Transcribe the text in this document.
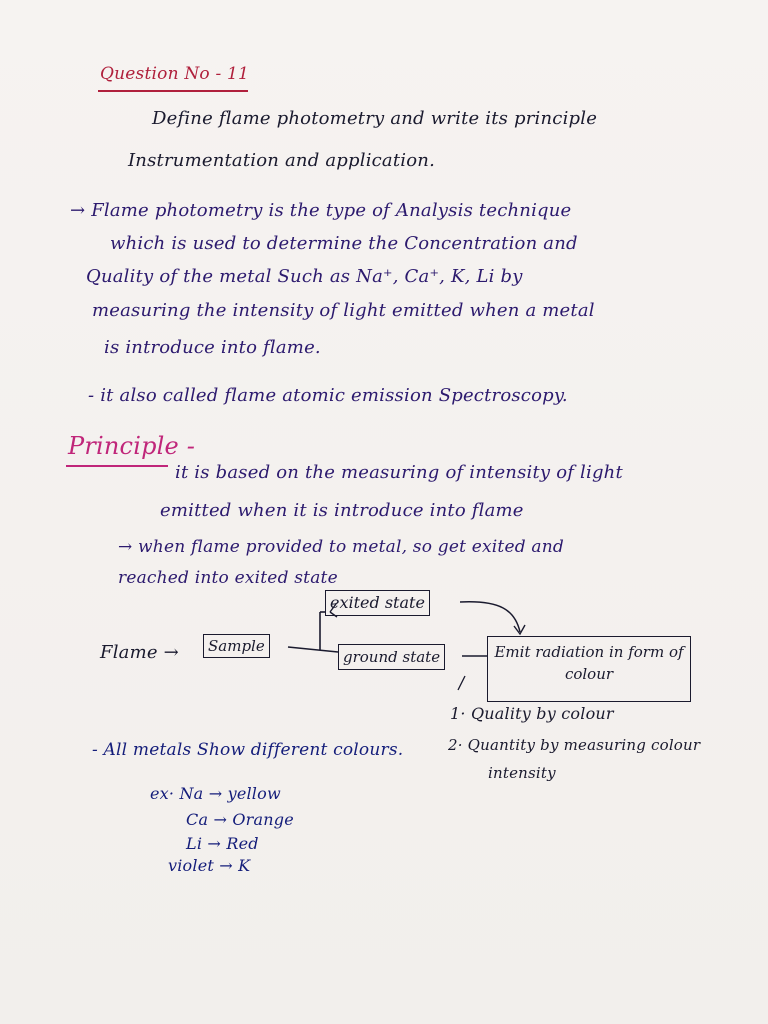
Question No - 11
Define flame photometry and write its principle
Instrumentation and application.
→ Flame photometry is the type of Analysis technique
which is used to determine the Concentration and
Quality of the metal Such as Na⁺, Ca⁺, K, Li by
measuring the intensity of light emitted when a metal
is introduce into flame.
- it also called flame atomic emission Spectroscopy.
Principle -
it is based on the measuring of intensity of light
emitted when it is introduce into flame
→ when flame provided to metal, so get exited and
reached into exited state
Flame →	Sample
exited state
ground state	Emit radiation in form of colour
1· Quality by colour
- All metals Show different colours.	2· Quantity by measuring colour
intensity
ex· Na → yellow
Ca → Orange
Li → Red
violet → K
